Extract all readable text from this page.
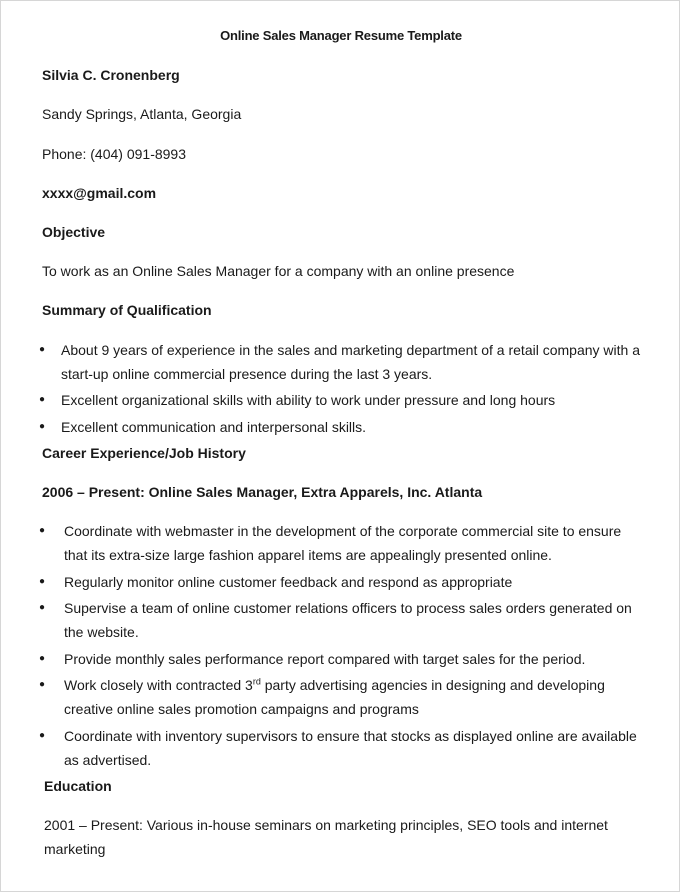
Online Sales Manager Resume Template
Silvia C. Cronenberg
Sandy Springs, Atlanta, Georgia
Phone: (404) 091-8993
xxxx@gmail.com
Objective
To work as an Online Sales Manager for a company with an online presence
Summary of Qualification
● About 9 years of experience in the sales and marketing department of a retail company with a
start-up online commercial presence during the last 3 years.
● Excellent organizational skills with ability to work under pressure and long hours
● Excellent communication and interpersonal skills.
Career Experience/Job History
2006 – Present: Online Sales Manager, Extra Apparels, Inc. Atlanta
● Coordinate with webmaster in the development of the corporate commercial site to ensure
that its extra-size large fashion apparel items are appealingly presented online.
● Regularly monitor online customer feedback and respond as appropriate
● Supervise a team of online customer relations officers to process sales orders generated on
the website.
● Provide monthly sales performance report compared with target sales for the period.
● Work closely with contracted 3rd party advertising agencies in designing and developing
creative online sales promotion campaigns and programs
● Coordinate with inventory supervisors to ensure that stocks as displayed online are available
as advertised.
Education
2001 – Present: Various in-house seminars on marketing principles, SEO tools and internet
marketing
